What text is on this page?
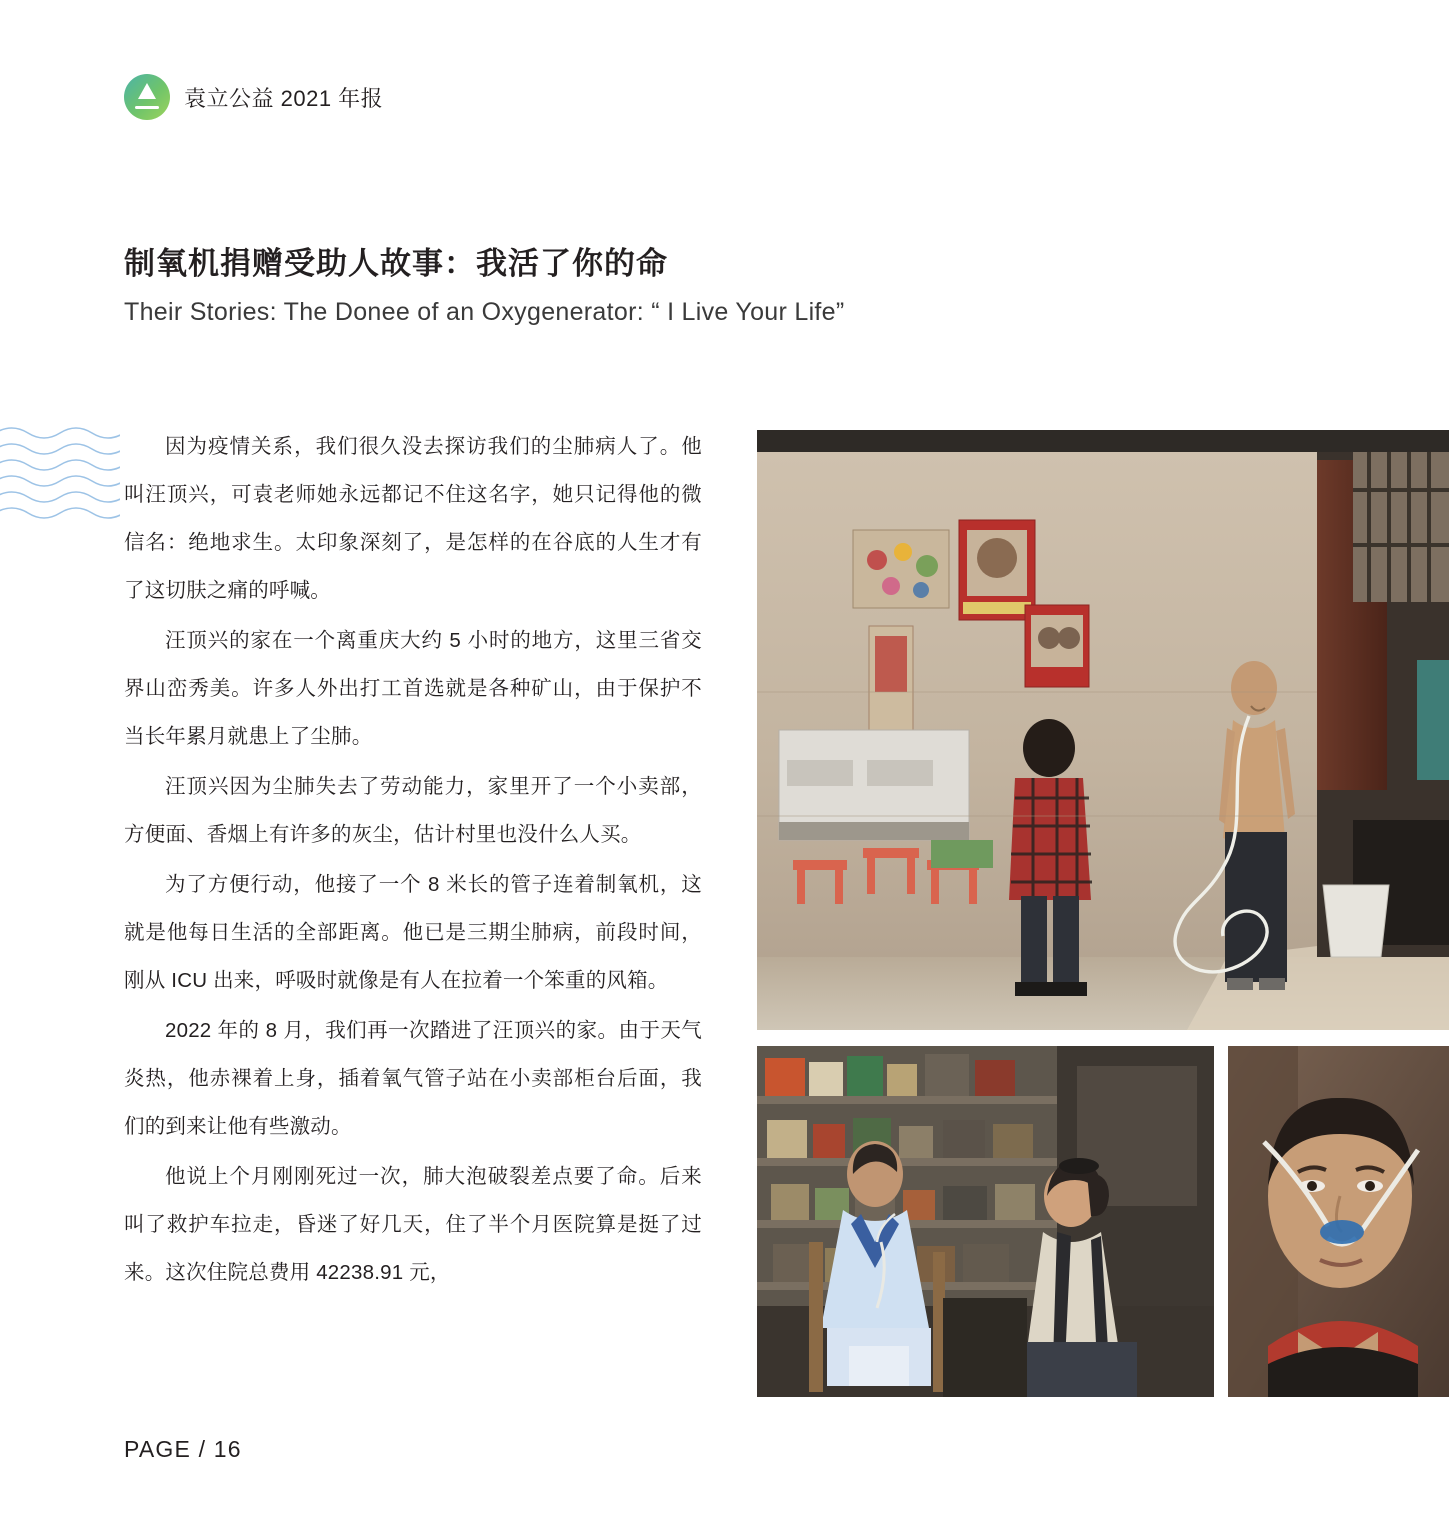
袁立公益 2021 年报
制氧机捐赠受助人故事：我活了你的命
Their Stories: The Donee of an Oxygenerator: “ I Live Your Life”

因为疫情关系，我们很久没去探访我们的尘肺病人了。他叫汪顶兴，可袁老师她永远都记不住这名字，她只记得他的微信名：绝地求生。太印象深刻了，是怎样的在谷底的人生才有了这切肤之痛的呼喊。

汪顶兴的家在一个离重庆大约 5 小时的地方，这里三省交界山峦秀美。许多人外出打工首选就是各种矿山，由于保护不当长年累月就患上了尘肺。

汪顶兴因为尘肺失去了劳动能力，家里开了一个小卖部，方便面、香烟上有许多的灰尘，估计村里也没什么人买。

为了方便行动，他接了一个 8 米长的管子连着制氧机，这就是他每日生活的全部距离。他已是三期尘肺病，前段时间，刚从 ICU 出来，呼吸时就像是有人在拉着一个笨重的风箱。

2022 年的 8 月，我们再一次踏进了汪顶兴的家。由于天气炎热，他赤裸着上身，插着氧气管子站在小卖部柜台后面，我们的到来让他有些激动。

他说上个月刚刚死过一次，肺大泡破裂差点要了命。后来叫了救护车拉走，昏迷了好几天，住了半个月医院算是挺了过来。这次住院总费用 42238.91 元，

PAGE / 16
